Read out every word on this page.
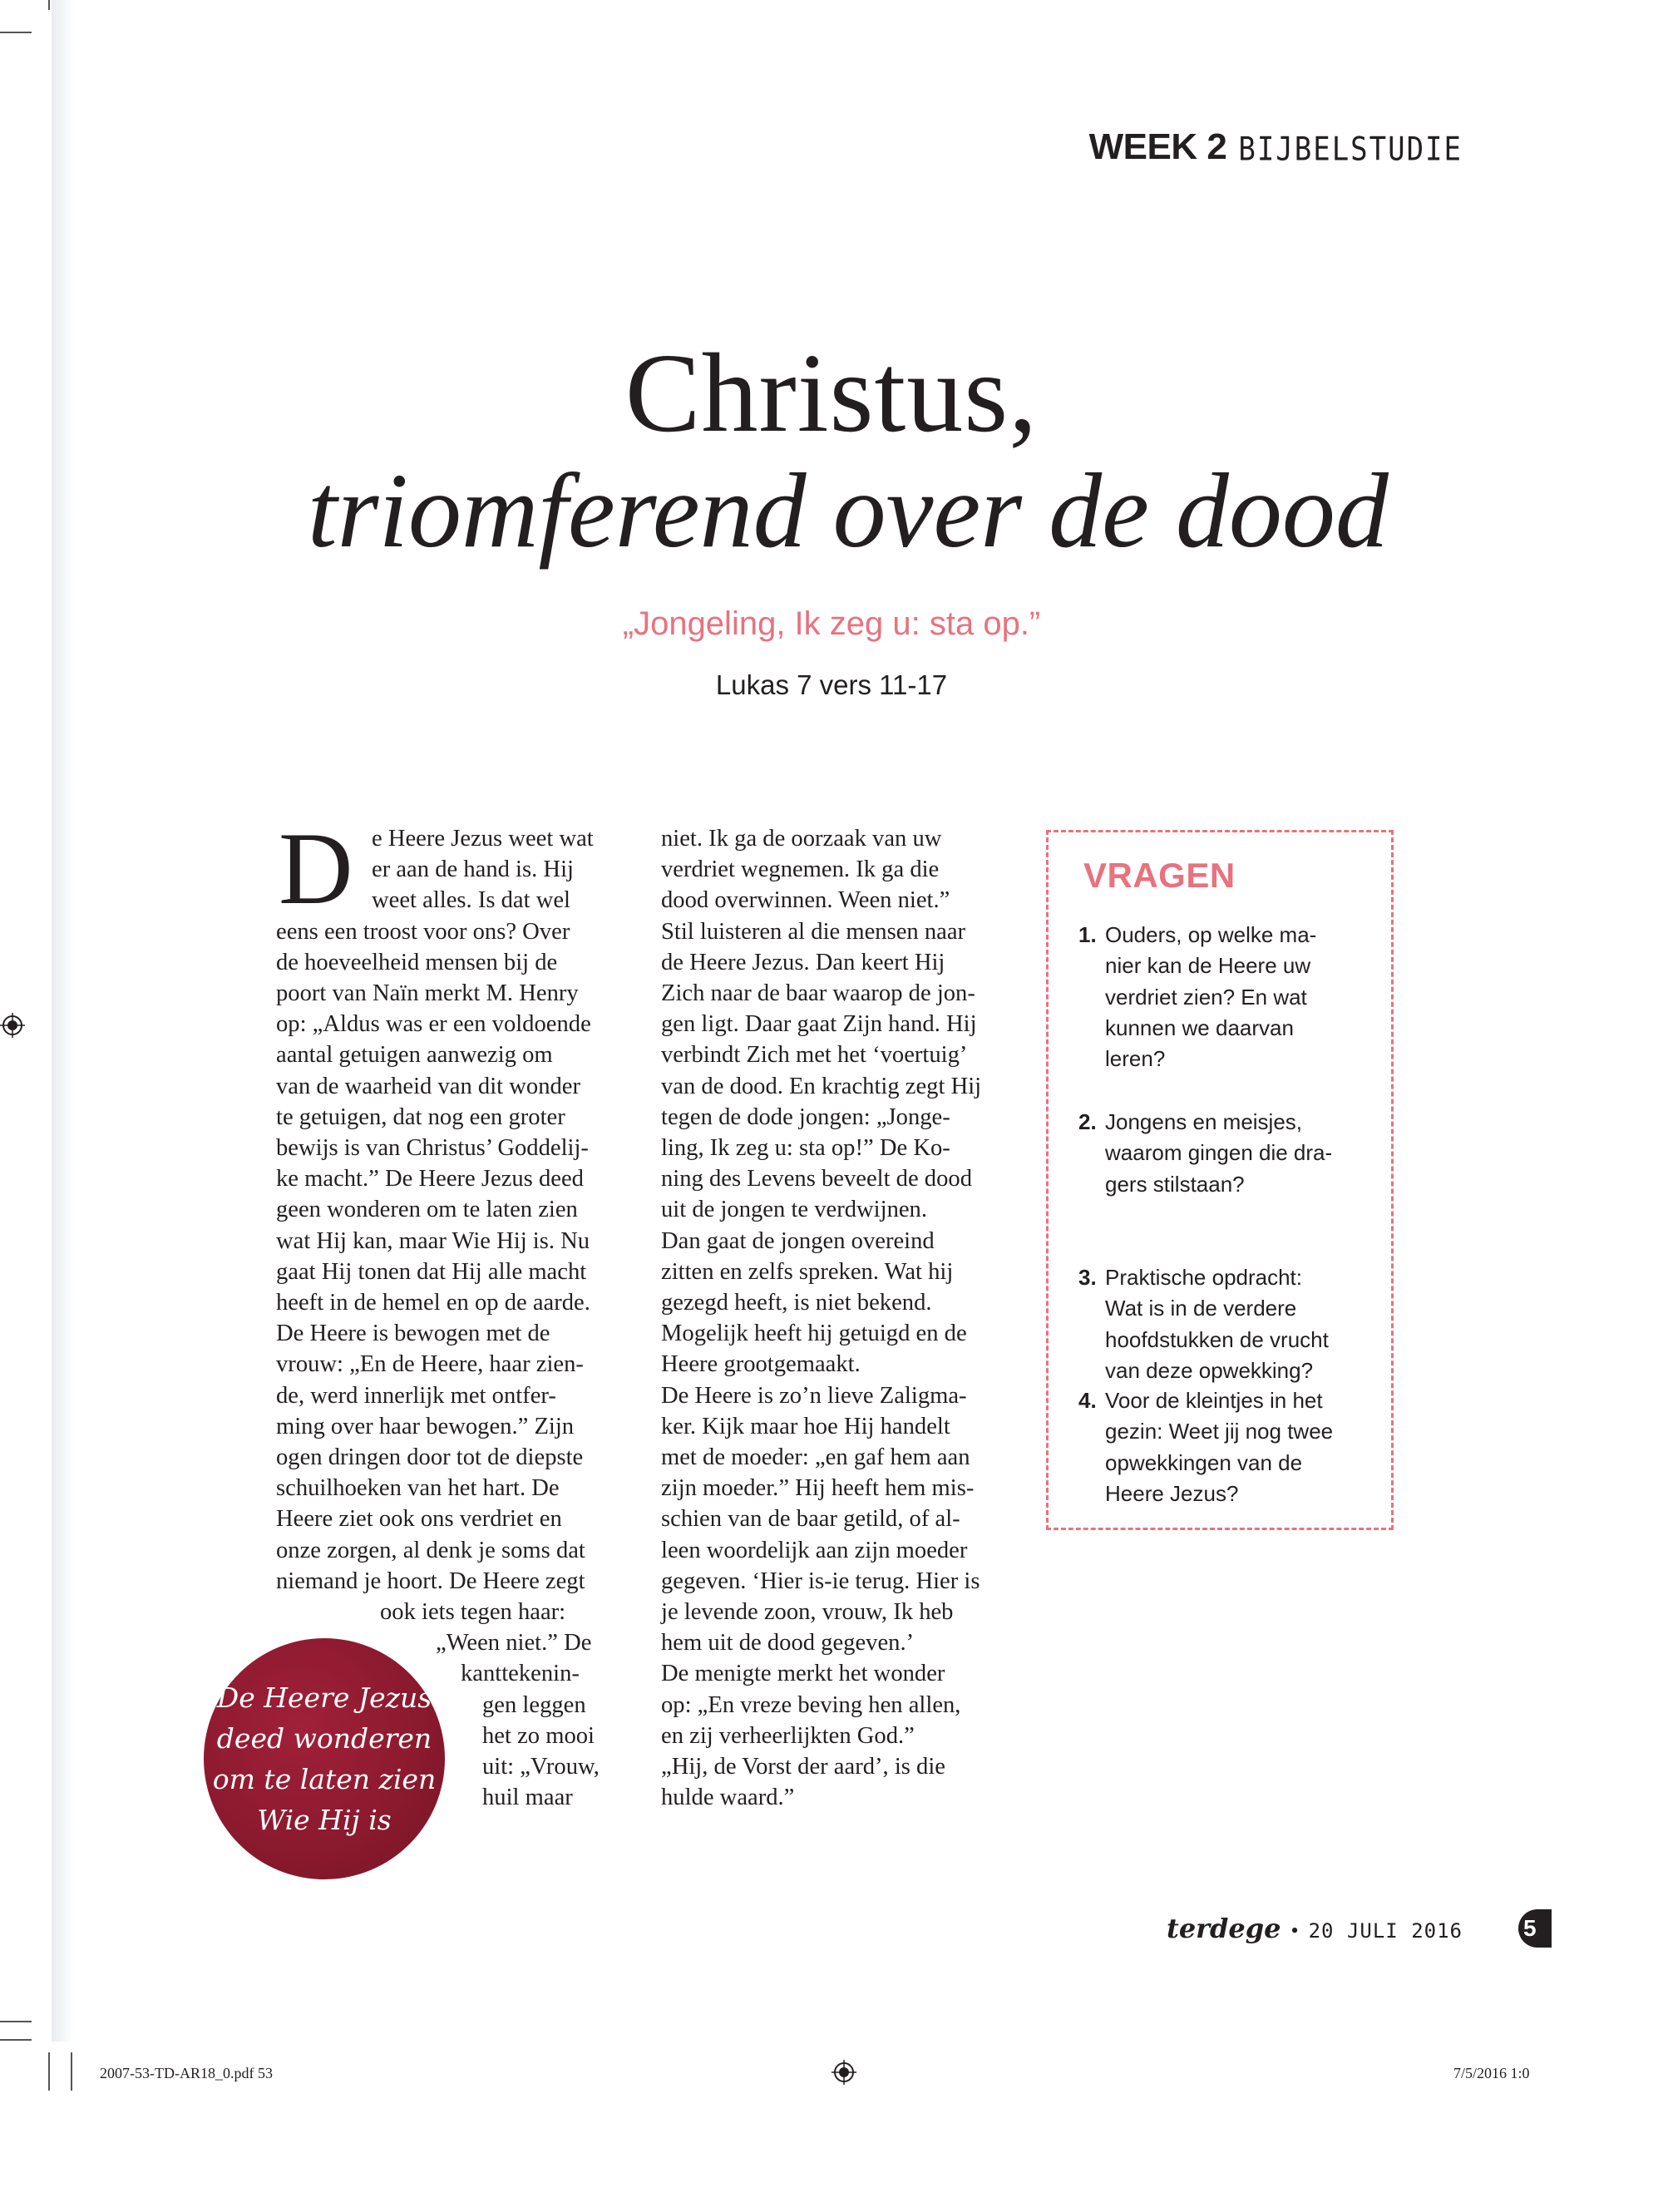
WEEK 2 BIJBELSTUDIE
Christus,
triomferend over de dood
„Jongeling, Ik zeg u: sta op.”
Lukas 7 vers 11-17
D e Heere Jezus weet wat
er aan de hand is. Hij
weet alles. Is dat wel
eens een troost voor ons? Over
de hoeveelheid mensen bij de
poort van Naïn merkt M. Henry
op: „Aldus was er een voldoende
aantal getuigen aanwezig om
van de waarheid van dit wonder
te getuigen, dat nog een groter
bewijs is van Christus’ Goddelij-
ke macht.” De Heere Jezus deed
geen wonderen om te laten zien
wat Hij kan, maar Wie Hij is. Nu
gaat Hij tonen dat Hij alle macht
heeft in de hemel en op de aarde.
De Heere is bewogen met de
vrouw: „En de Heere, haar zien-
de, werd innerlijk met ontfer-
ming over haar bewogen.” Zijn
ogen dringen door tot de diepste
schuilhoeken van het hart. De
Heere ziet ook ons verdriet en
onze zorgen, al denk je soms dat
niemand je hoort. De Heere zegt
ook iets tegen haar:
„Ween niet.” De
kanttekenin-
gen leggen
het zo mooi
uit: „Vrouw,
huil maar
niet. Ik ga de oorzaak van uw
verdriet wegnemen. Ik ga die
dood overwinnen. Ween niet.”
Stil luisteren al die mensen naar
de Heere Jezus. Dan keert Hij
Zich naar de baar waarop de jon-
gen ligt. Daar gaat Zijn hand. Hij
verbindt Zich met het ‘voertuig’
van de dood. En krachtig zegt Hij
tegen de dode jongen: „Jonge-
ling, Ik zeg u: sta op!” De Ko-
ning des Levens beveelt de dood
uit de jongen te verdwijnen.
Dan gaat de jongen overeind
zitten en zelfs spreken. Wat hij
gezegd heeft, is niet bekend.
Mogelijk heeft hij getuigd en de
Heere grootgemaakt.
De Heere is zo’n lieve Zaligma-
ker. Kijk maar hoe Hij handelt
met de moeder: „en gaf hem aan
zijn moeder.” Hij heeft hem mis-
schien van de baar getild, of al-
leen woordelijk aan zijn moeder
gegeven. ‘Hier is-ie terug. Hier is
je levende zoon, vrouw, Ik heb
hem uit de dood gegeven.’
De menigte merkt het wonder
op: „En vreze beving hen allen,
en zij verheerlijkten God.”
„Hij, de Vorst der aard’, is die
hulde waard.”
De Heere Jezus
deed wonderen
om te laten zien
Wie Hij is
VRAGEN
1. Ouders, op welke ma-
nier kan de Heere uw
verdriet zien? En wat
kunnen we daarvan
leren?
2. Jongens en meisjes,
waarom gingen die dra-
gers stilstaan?
3. Praktische opdracht:
Wat is in de verdere
hoofdstukken de vrucht
van deze opwekking?
4. Voor de kleintjes in het
gezin: Weet jij nog twee
opwekkingen van de
Heere Jezus?
terdege • 20 JULI 2016	5
2007-53-TD-AR18_0.pdf 53	7/5/2016 1:0
